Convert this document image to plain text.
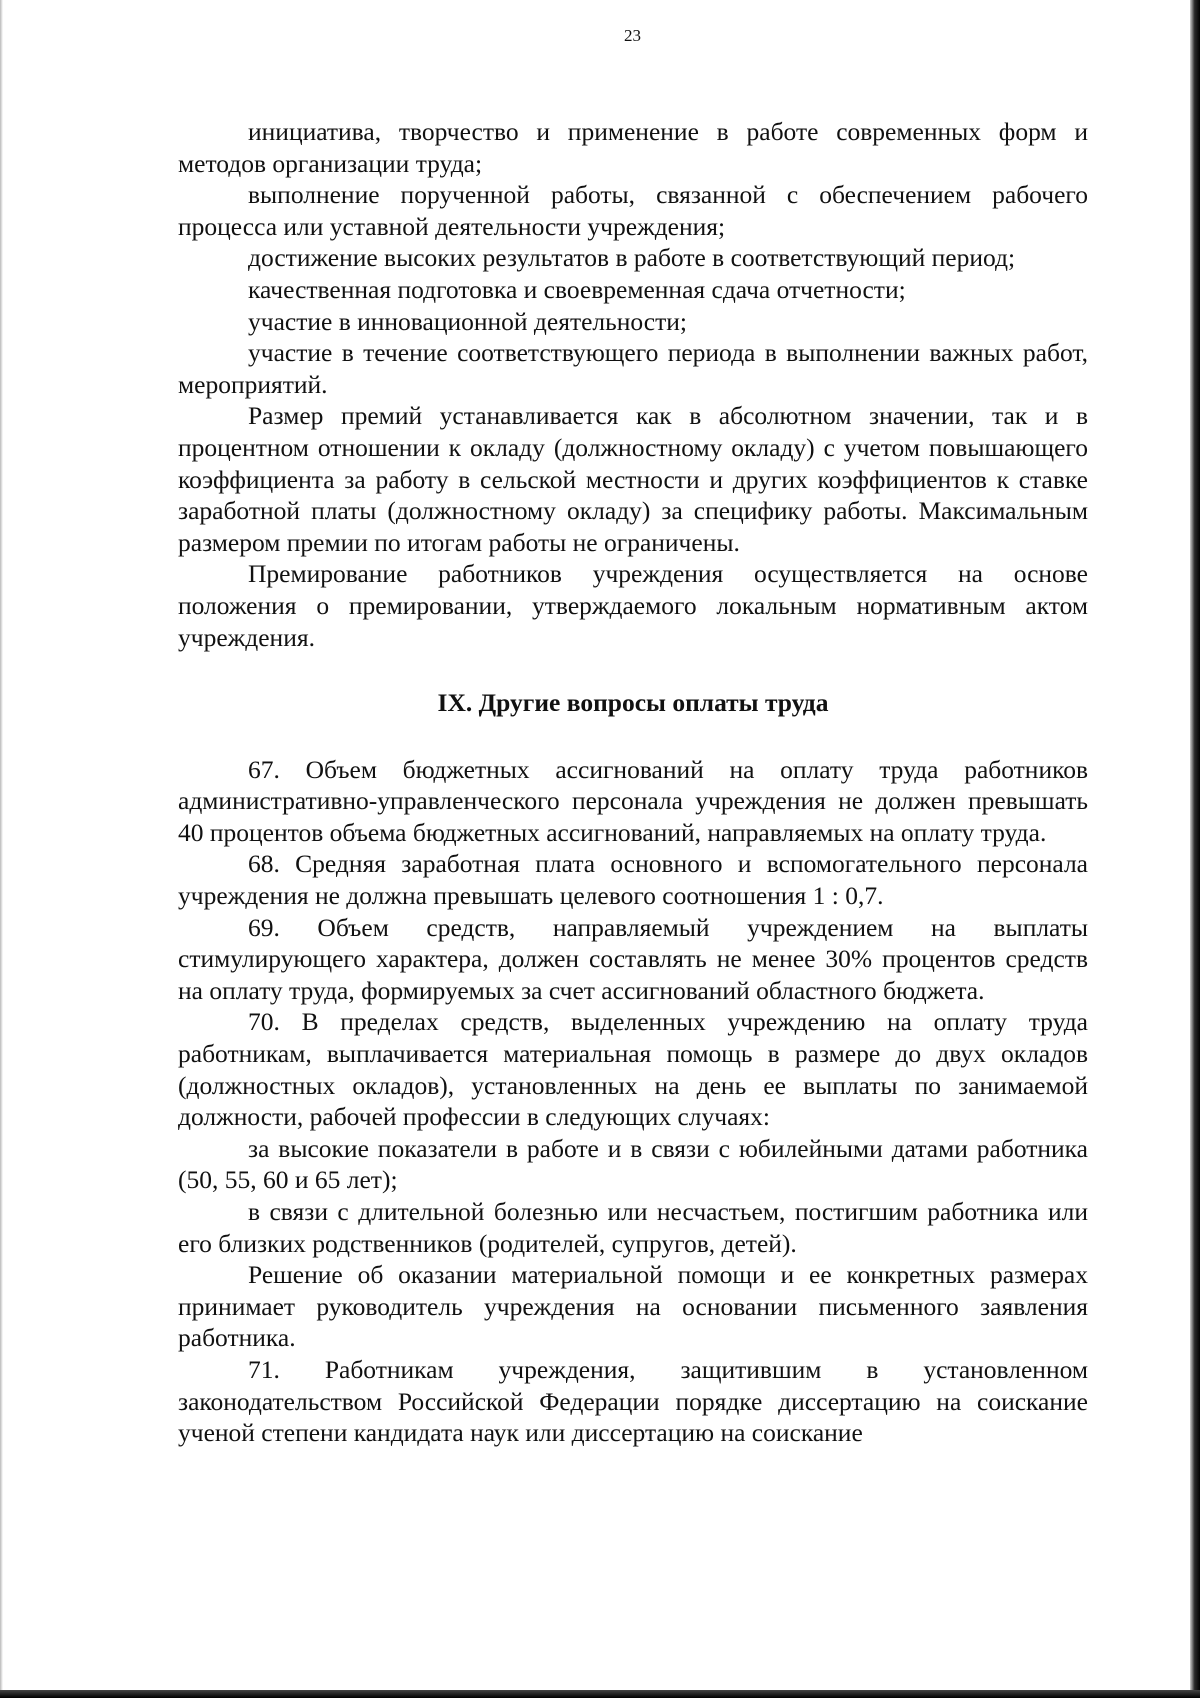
23

инициатива, творчество и применение в работе современных форм и методов организации труда;

выполнение порученной работы, связанной с обеспечением рабочего процесса или уставной деятельности учреждения;

достижение высоких результатов в работе в соответствующий период;

качественная подготовка и своевременная сдача отчетности;

участие в инновационной деятельности;

участие в течение соответствующего периода в выполнении важных работ, мероприятий.

Размер премий устанавливается как в абсолютном значении, так и в процентном отношении к окладу (должностному окладу) с учетом повышающего коэффициента за работу в сельской местности и других коэффициентов к ставке заработной платы (должностному окладу) за специфику работы. Максимальным размером премии по итогам работы не ограничены.

Премирование работников учреждения осуществляется на основе положения о премировании, утверждаемого локальным нормативным актом учреждения.

IX. Другие вопросы оплаты труда

67. Объем бюджетных ассигнований на оплату труда работников административно-управленческого персонала учреждения не должен превышать 40 процентов объема бюджетных ассигнований, направляемых на оплату труда.

68. Средняя заработная плата основного и вспомогательного персонала учреждения не должна превышать целевого соотношения 1 : 0,7.

69. Объем средств, направляемый учреждением на выплаты стимулирующего характера, должен составлять не менее 30% процентов средств на оплату труда, формируемых за счет ассигнований областного бюджета.

70. В пределах средств, выделенных учреждению на оплату труда работникам, выплачивается материальная помощь в размере до двух окладов (должностных окладов), установленных на день ее выплаты по занимаемой должности, рабочей профессии в следующих случаях:

за высокие показатели в работе и в связи с юбилейными датами работника (50, 55, 60 и 65 лет);

в связи с длительной болезнью или несчастьем, постигшим работника или его близких родственников (родителей, супругов, детей).

Решение об оказании материальной помощи и ее конкретных размерах принимает руководитель учреждения на основании письменного заявления работника.

71. Работникам учреждения, защитившим в установленном законодательством Российской Федерации порядке диссертацию на соискание ученой степени кандидата наук или диссертацию на соискание
